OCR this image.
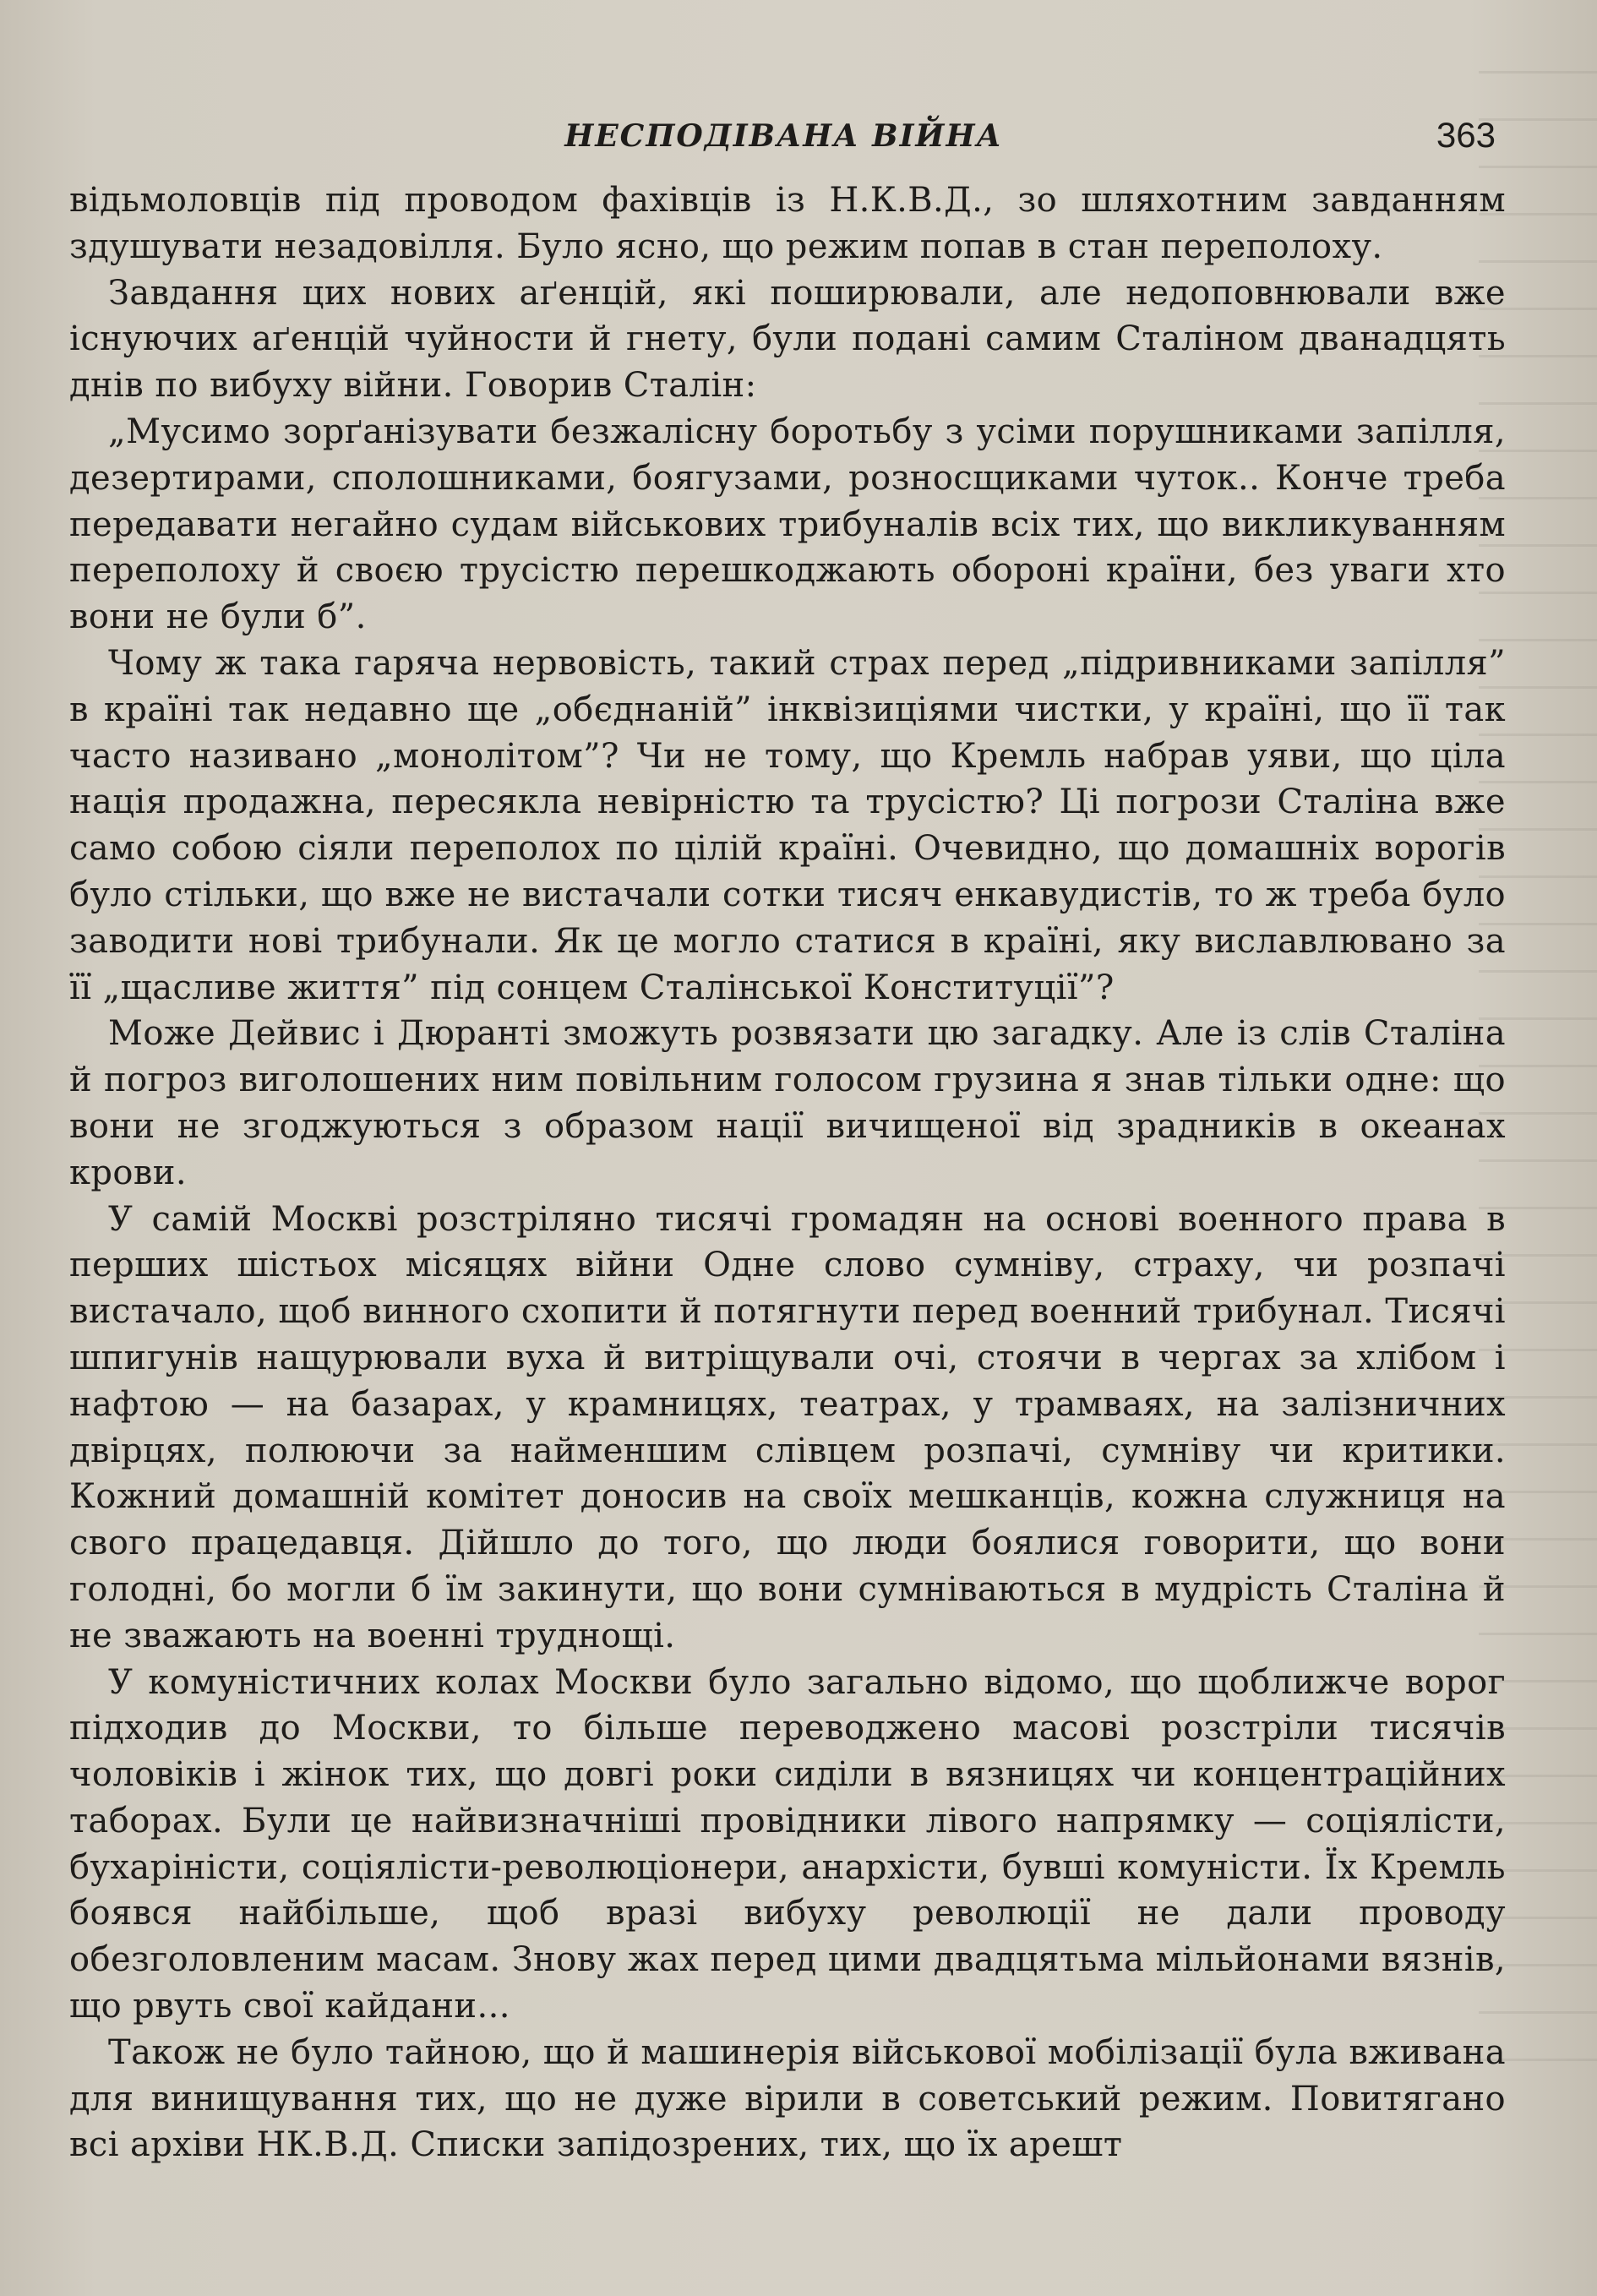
НЕСПОДІВАНА ВІЙНА	363

відьмоловців під проводом фахівців із Н.К.В.Д., зо шляхотним завданням здушувати незадовілля. Було ясно, що режим попав в стан переполоху.

Завдання цих нових аґенцій, які поширювали, але недоповнювали вже існуючих аґенцій чуйности й гнету, були подані самим Сталіном дванадцять днів по вибуху війни. Говорив Сталін:

„Мусимо зорґанізувати безжалісну боротьбу з усіми порушниками запілля, дезертирами, сполошниками, боягузами, розносщиками чуток.. Конче треба передавати негайно судам військових трибуналів всіх тих, що викликуванням переполоху й своєю трусістю перешкоджають обороні країни, без уваги хто вони не були б”.

Чому ж така гаряча нервовість, такий страх перед „підривниками запілля” в країні так недавно ще „обєднаній” інквізиціями чистки, у країні, що її так часто називано „монолітом”? Чи не тому, що Кремль набрав уяви, що ціла нація продажна, пересякла невірністю та трусістю? Ці погрози Сталіна вже само собою сіяли переполох по цілій країні. Очевидно, що домашніх ворогів було стільки, що вже не вистачали сотки тисяч енкавудистів, то ж треба було заводити нові трибунали. Як це могло статися в країні, яку вислaвлювано за її „щасливе життя” під сонцем Сталінської Конституції”?

Може Дейвис і Дюранті зможуть розвязати цю загадку. Але із слів Сталіна й погроз виголошених ним повільним голосом грузина я знав тільки одне: що вони не згоджуються з образом нації вичищеної від зрадників в океанах крови.

У самій Москві розстріляно тисячі громадян на основі военного права в перших шістьох місяцях війни Одне слово сумніву, страху, чи розпачі вистачало, щоб винного схопити й потягнути перед военний трибунал. Тисячі шпигунів нащурювали вуха й витріщували очі, стоячи в чергах за хлібом і нафтою — на базарах, у крамницях, театрах, у трамваях, на залізничних двірцях, полюючи за найменшим слівцем розпачі, сумніву чи критики. Кожний домашній комітет доносив на своїх мешканців, кожна служниця на свого працедавця. Дійшло до того, що люди боялися говорити, що вони голодні, бо могли б їм закинути, що вони сумніваються в мудрість Сталіна й не зважають на военні труднощі.

У комуністичних колах Москви було загально відомо, що щоближче ворог підходив до Москви, то більше переводжено масові розстріли тисячів чоловіків і жінок тих, що довгі роки сиділи в вязницях чи концентраційних таборах. Були це найвизначніші провідники лівого напрямку — соціялісти, бухаріністи, соціялісти-революціонери, анархісти, бувші комуністи. Їх Кремль боявся найбільше, щоб вразі вибуху революції не дали проводу обезголовленим масам. Знову жах перед цими двадцятьма мільйонами вязнів, що рвуть свої кайдани...

Також не було тайною, що й машинерія військової мобілізації була вживана для винищування тих, що не дуже вірили в советський режим. Повитягано всі архіви НК.В.Д. Списки запідозрених, тих, що їх арешт
